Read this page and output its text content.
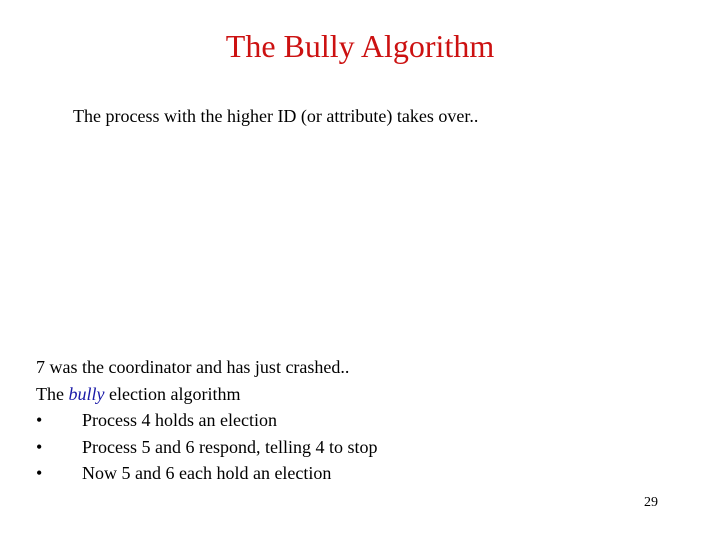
The Bully Algorithm
The process with the higher ID (or attribute) takes over..
7 was the coordinator and has just crashed..
The bully election algorithm
•	Process 4 holds an election
•	Process 5 and 6 respond, telling 4 to stop
•	Now 5 and 6 each hold an election
29
